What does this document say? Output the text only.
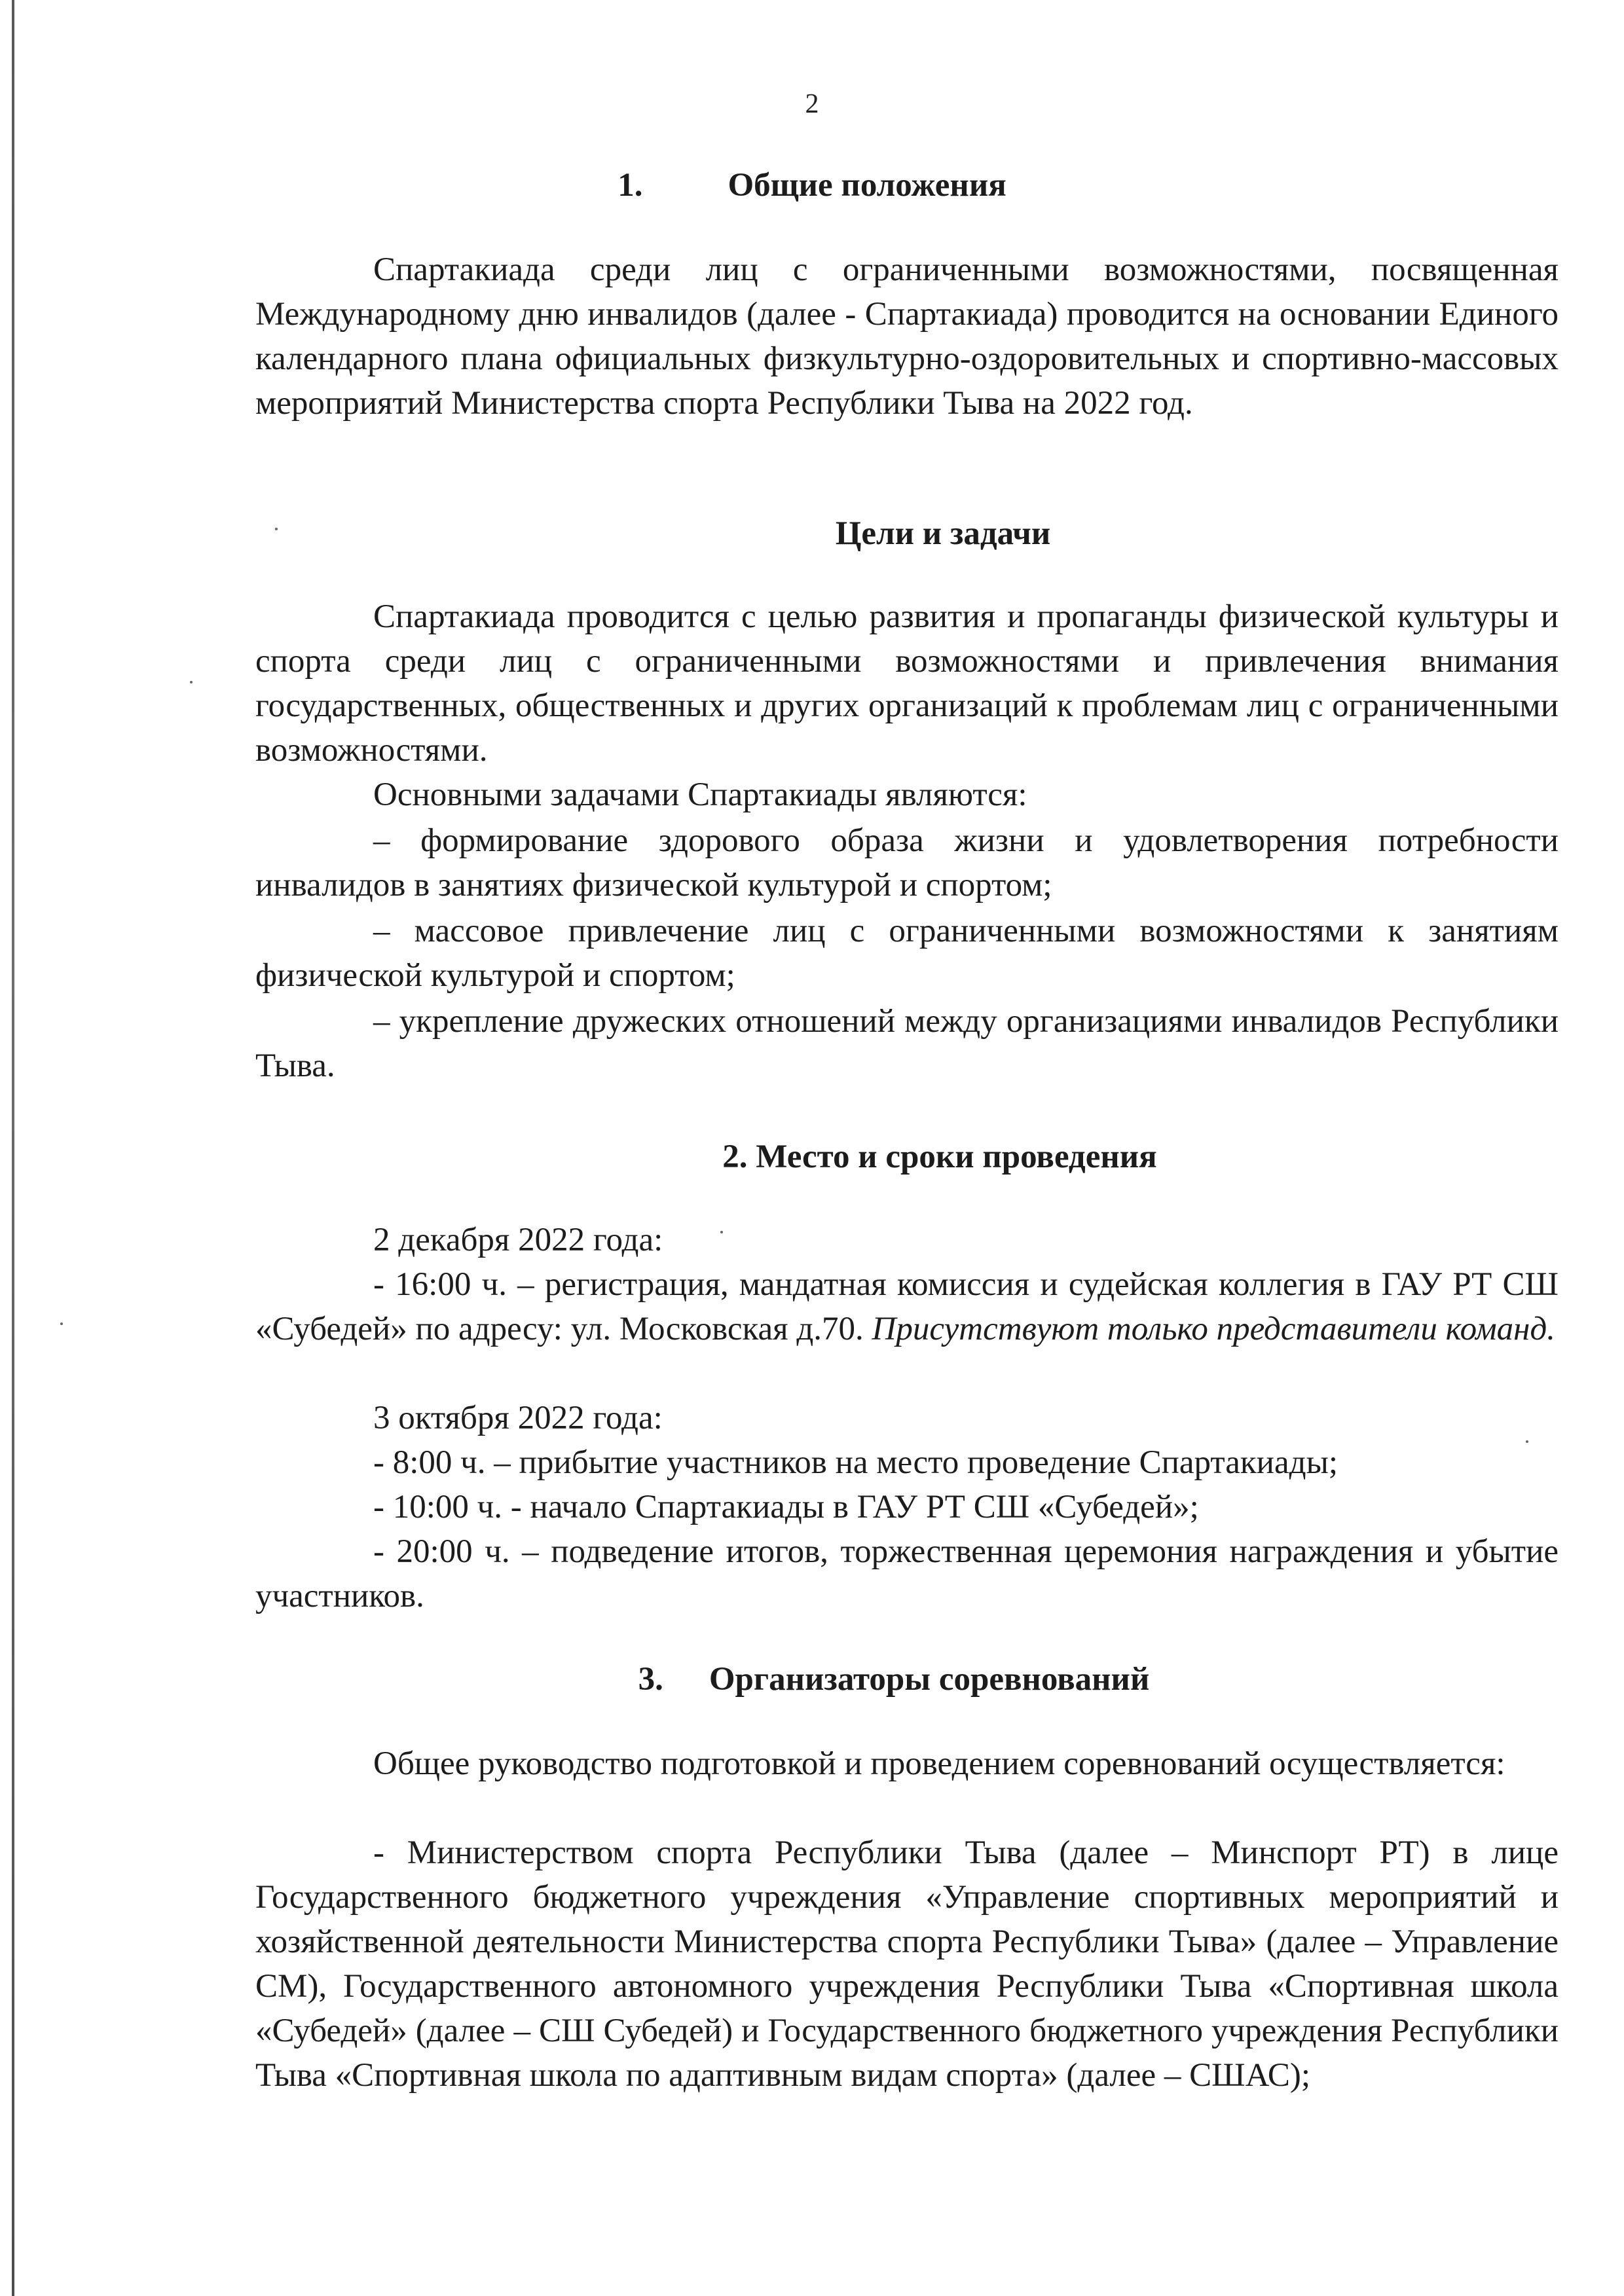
2
1.	Общие положения
Спартакиада среди лиц с ограниченными возможностями, посвященная Международному дню инвалидов (далее - Спартакиада) проводится на основании Единого календарного плана официальных физкультурно-оздоровительных и спортивно-массовых мероприятий Министерства спорта Республики Тыва на 2022 год.
Цели и задачи
Спартакиада проводится с целью развития и пропаганды физической культуры и спорта среди лиц с ограниченными возможностями и привлечения внимания государственных, общественных и других организаций к проблемам лиц с ограниченными возможностями.
Основными задачами Спартакиады являются:
– формирование здорового образа жизни и удовлетворения потребности инвалидов в занятиях физической культурой и спортом;
– массовое привлечение лиц с ограниченными возможностями к занятиям физической культурой и спортом;
– укрепление дружеских отношений между организациями инвалидов Республики Тыва.
2. Место и сроки проведения
2 декабря 2022 года:
- 16:00 ч. – регистрация, мандатная комиссия и судейская коллегия в ГАУ РТ СШ «Субедей» по адресу: ул. Московская д.70. Присутствуют только представители команд.
3 октября 2022 года:
- 8:00 ч. – прибытие участников на место проведение Спартакиады;
- 10:00 ч. - начало Спартакиады в ГАУ РТ СШ «Субедей»;
- 20:00 ч. – подведение итогов, торжественная церемония награждения и убытие участников.
3. Организаторы соревнований
Общее руководство подготовкой и проведением соревнований осуществляется:
- Министерством спорта Республики Тыва (далее – Минспорт РТ) в лице Государственного бюджетного учреждения «Управление спортивных мероприятий и хозяйственной деятельности Министерства спорта Республики Тыва» (далее – Управление СМ), Государственного автономного учреждения Республики Тыва «Спортивная школа «Субедей» (далее – СШ Субедей) и Государственного бюджетного учреждения Республики Тыва «Спортивная школа по адаптивным видам спорта» (далее – СШАС);
